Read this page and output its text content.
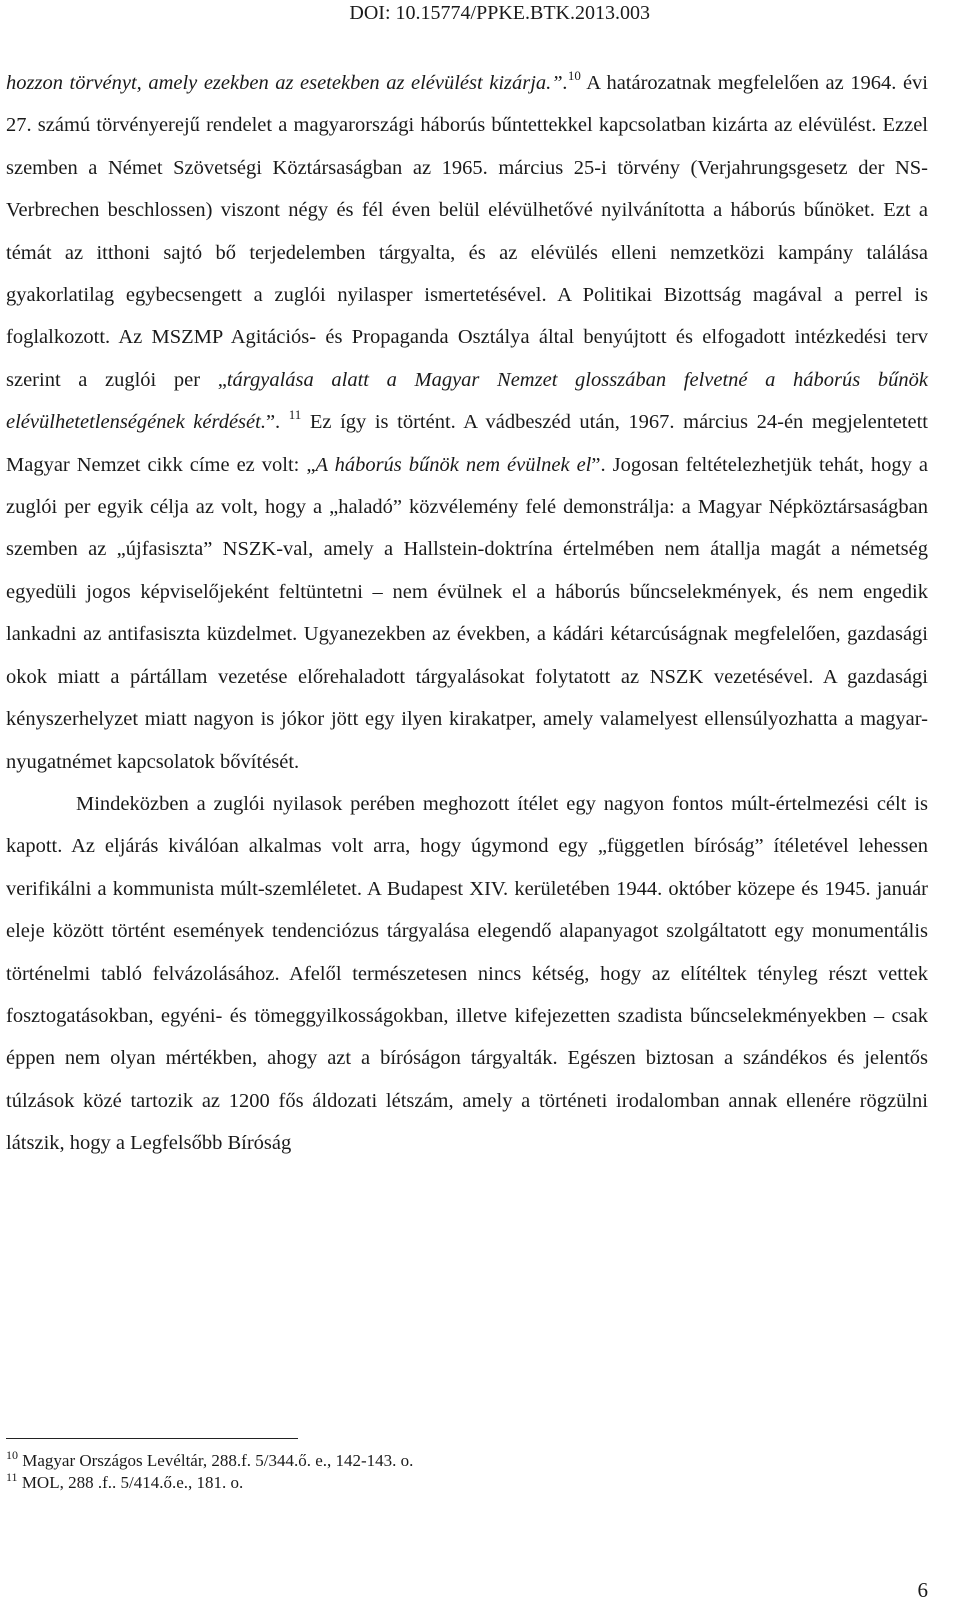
DOI: 10.15774/PPKE.BTK.2013.003

hozzon törvényt, amely ezekben az esetekben az elévülést kizárja.”.$^{10}$ A határozatnak megfelelően az 1964. évi 27. számú törvényerejű rendelet a magyarországi háborús bűntettekkel kapcsolatban kizárta az elévülést. Ezzel szemben a Német Szövetségi Köztársaságban az 1965. március 25-i törvény (Verjahrungsgesetz der NS-Verbrechen beschlossen) viszont négy és fél éven belül elévülhetővé nyilvánította a háborús bűnöket. Ezt a témát az itthoni sajtó bő terjedelemben tárgyalta, és az elévülés elleni nemzetközi kampány találása gyakorlatilag egybecsengett a zuglói nyilasper ismertetésével. A Politikai Bizottság magával a perrel is foglalkozott. Az MSZMP Agitációs- és Propaganda Osztálya által benyújtott és elfogadott intézkedési terv szerint a zuglói per „tárgyalása alatt a Magyar Nemzet glosszában felvetné a háborús bűnök elévülhetetlenségének kérdését.”. $^{11}$ Ez így is történt. A vádbeszéd után, 1967. március 24-én megjelentetett Magyar Nemzet cikk címe ez volt: „A háborús bűnök nem évülnek el”. Jogosan feltételezhetjük tehát, hogy a zuglói per egyik célja az volt, hogy a „haladó” közvélemény felé demonstrálja: a Magyar Népköztársaságban szemben az „újfasiszta” NSZK-val, amely a Hallstein-doktrína értelmében nem átallja magát a németség egyedüli jogos képviselőjeként feltüntetni – nem évülnek el a háborús bűncselekmények, és nem engedik lankadni az antifasiszta küzdelmet. Ugyanezekben az években, a kádári kétarcúságnak megfelelően, gazdasági okok miatt a pártállam vezetése előrehaladott tárgyalásokat folytatott az NSZK vezetésével. A gazdasági kényszerhelyzet miatt nagyon is jókor jött egy ilyen kirakatper, amely valamelyest ellensúlyozhatta a magyar-nyugatnémet kapcsolatok bővítését.

Mindeközben a zuglói nyilasok perében meghozott ítélet egy nagyon fontos múlt-értelmezési célt is kapott. Az eljárás kiválóan alkalmas volt arra, hogy úgymond egy „független bíróság” ítéletével lehessen verifikálni a kommunista múlt-szemléletet. A Budapest XIV. kerületében 1944. október közepe és 1945. január eleje között történt események tendenciózus tárgyalása elegendő alapanyagot szolgáltatott egy monumentális történelmi tabló felvázolásához. Afelől természetesen nincs kétség, hogy az elítéltek tényleg részt vettek fosztogatásokban, egyéni- és tömeggyilkosságokban, illetve kifejezetten szadista bűncselekményekben – csak éppen nem olyan mértékben, ahogy azt a bíróságon tárgyalták. Egészen biztosan a szándékos és jelentős túlzások közé tartozik az 1200 fős áldozati létszám, amely a történeti irodalomban annak ellenére rögzülni látszik, hogy a Legfelsőbb Bíróság

$^{10}$ Magyar Országos Levéltár, 288.f. 5/344.ő. e., 142-143. o.
$^{11}$ MOL, 288 .f.. 5/414.ő.e., 181. o.
6
